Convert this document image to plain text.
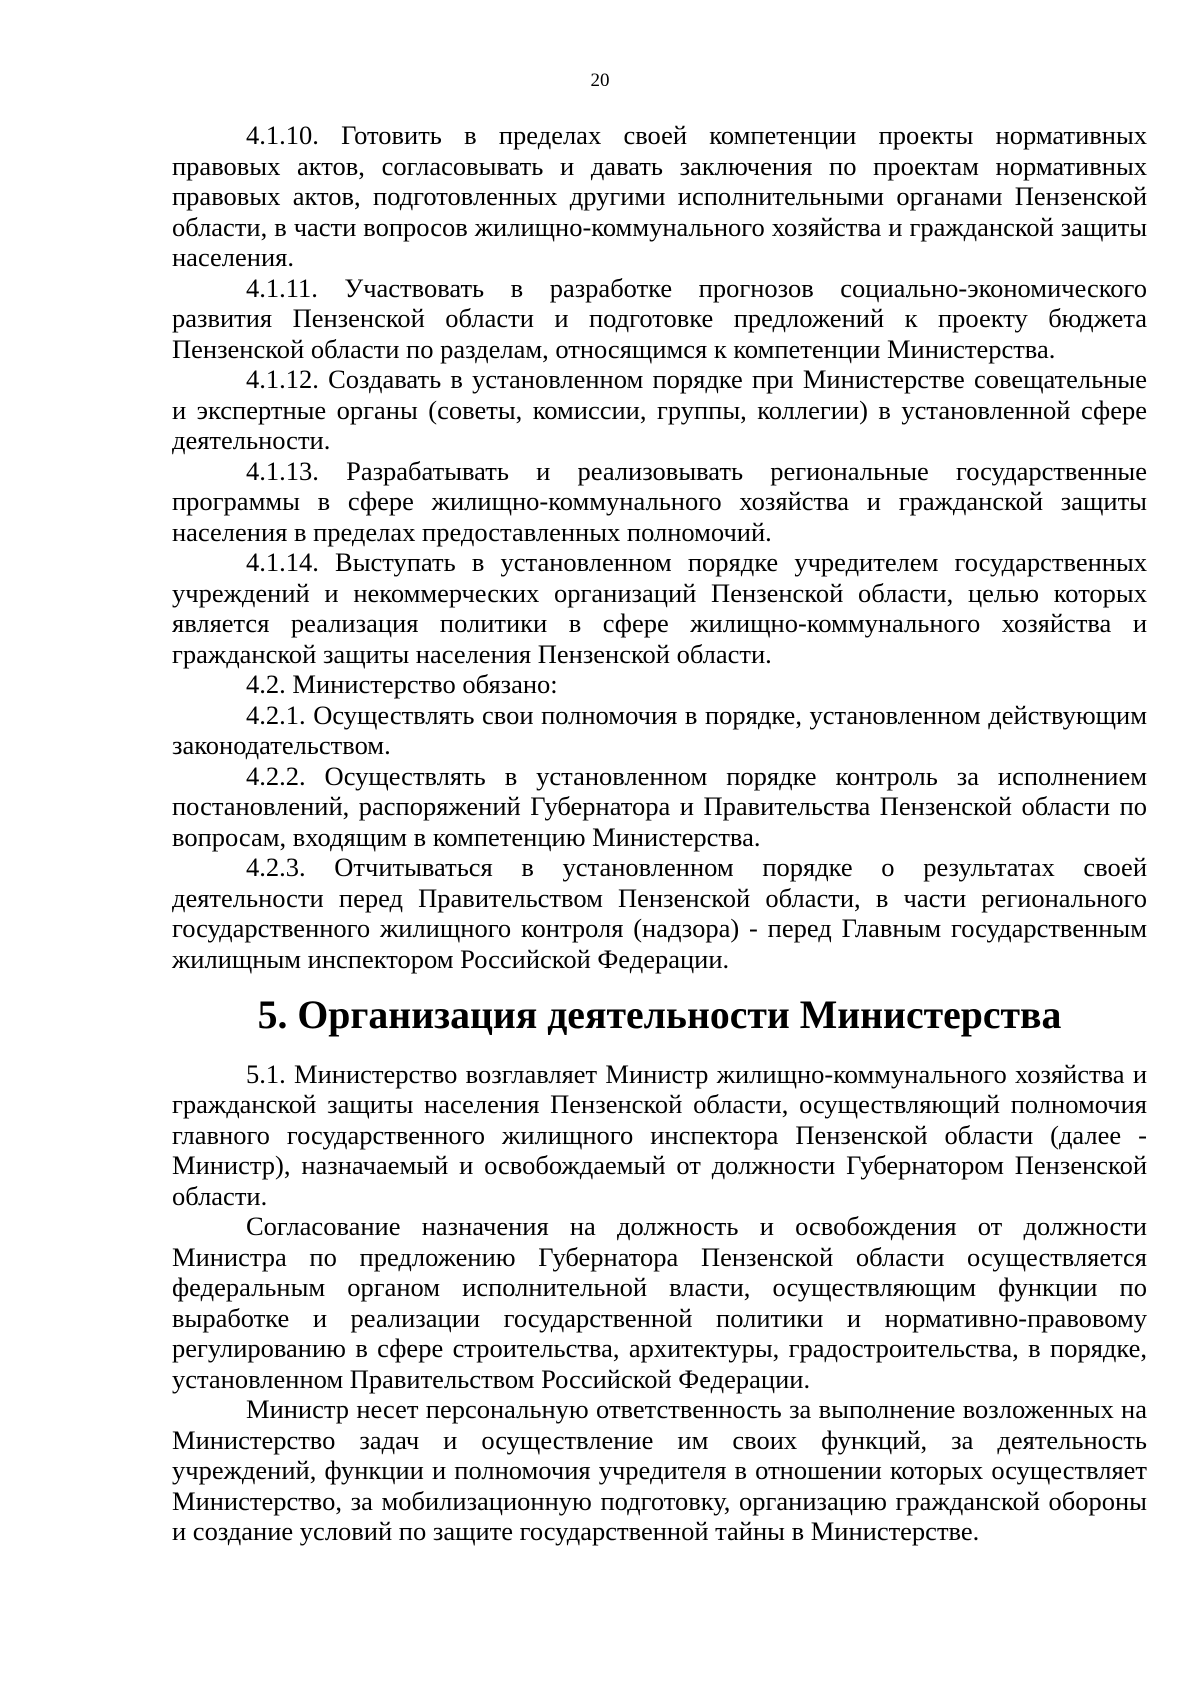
20

4.1.10. Готовить в пределах своей компетенции проекты нормативных правовых актов, согласовывать и давать заключения по проектам нормативных правовых актов, подготовленных другими исполнительными органами Пензенской области, в части вопросов жилищно-коммунального хозяйства и гражданской защиты населения.

4.1.11. Участвовать в разработке прогнозов социально-экономического развития Пензенской области и подготовке предложений к проекту бюджета Пензенской области по разделам, относящимся к компетенции Министерства.

4.1.12. Создавать в установленном порядке при Министерстве совещательные и экспертные органы (советы, комиссии, группы, коллегии) в установленной сфере деятельности.

4.1.13. Разрабатывать и реализовывать региональные государственные программы в сфере жилищно-коммунального хозяйства и гражданской защиты населения в пределах предоставленных полномочий.

4.1.14. Выступать в установленном порядке учредителем государственных учреждений и некоммерческих организаций Пензенской области, целью которых является реализация политики в сфере жилищно-коммунального хозяйства и гражданской защиты населения Пензенской области.

4.2. Министерство обязано:

4.2.1. Осуществлять свои полномочия в порядке, установленном действующим законодательством.

4.2.2. Осуществлять в установленном порядке контроль за исполнением постановлений, распоряжений Губернатора и Правительства Пензенской области по вопросам, входящим в компетенцию Министерства.

4.2.3. Отчитываться в установленном порядке о результатах своей деятельности перед Правительством Пензенской области, в части регионального государственного жилищного контроля (надзора) - перед Главным государственным жилищным инспектором Российской Федерации.

5. Организация деятельности Министерства

5.1. Министерство возглавляет Министр жилищно-коммунального хозяйства и гражданской защиты населения Пензенской области, осуществляющий полномочия главного государственного жилищного инспектора Пензенской области (далее - Министр), назначаемый и освобождаемый от должности Губернатором Пензенской области.

Согласование назначения на должность и освобождения от должности Министра по предложению Губернатора Пензенской области осуществляется федеральным органом исполнительной власти, осуществляющим функции по выработке и реализации государственной политики и нормативно-правовому регулированию в сфере строительства, архитектуры, градостроительства, в порядке, установленном Правительством Российской Федерации.

Министр несет персональную ответственность за выполнение возложенных на Министерство задач и осуществление им своих функций, за деятельность учреждений, функции и полномочия учредителя в отношении которых осуществляет Министерство, за мобилизационную подготовку, организацию гражданской обороны и создание условий по защите государственной тайны в Министерстве.
